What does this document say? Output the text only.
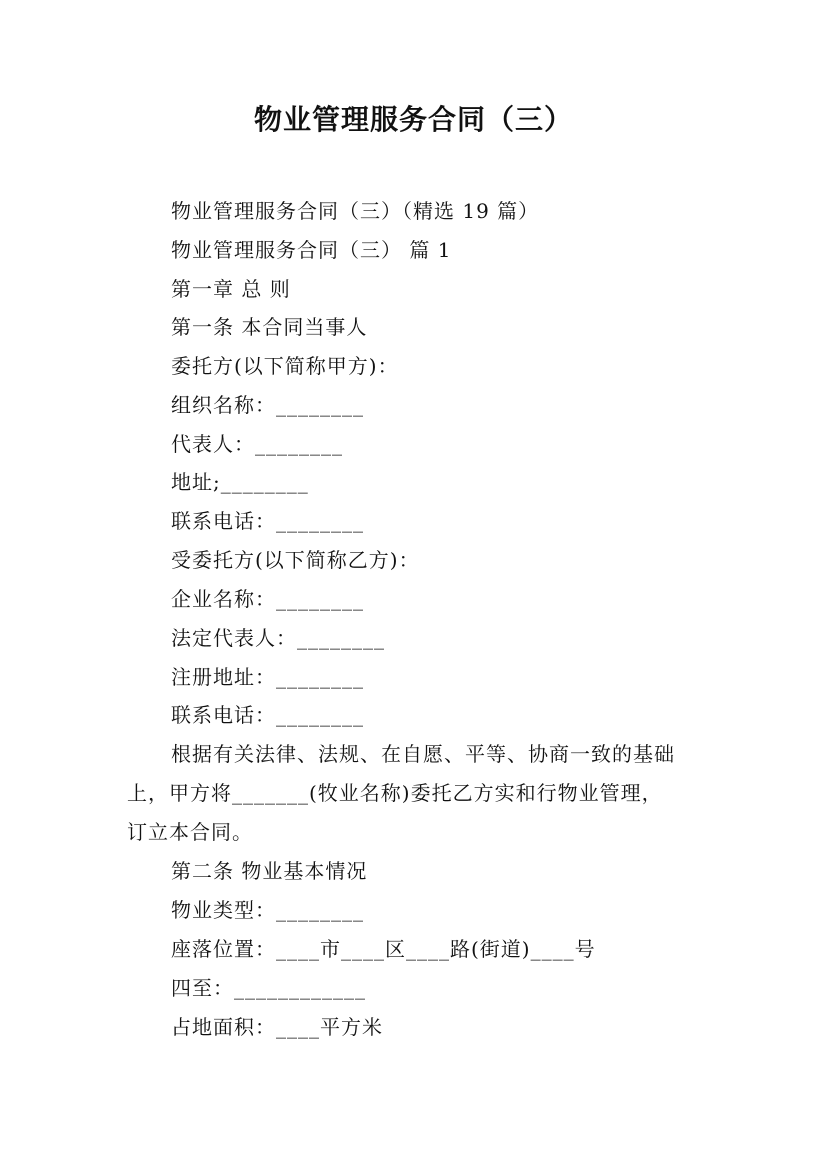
物业管理服务合同（三）
物业管理服务合同（三）（精选 19 篇）
物业管理服务合同（三） 篇 1
第一章 总 则
第一条 本合同当事人
委托方(以下简称甲方)：
组织名称：________
代表人：________
地址;________
联系电话：________
受委托方(以下简称乙方)：
企业名称：________
法定代表人：________
注册地址：________
联系电话：________
根据有关法律、法规、在自愿、平等、协商一致的基础
上，甲方将_______(牧业名称)委托乙方实和行物业管理，
订立本合同。
第二条 物业基本情况
物业类型：________
座落位置：____市____区____路(街道)____号
四至：____________
占地面积：____平方米
